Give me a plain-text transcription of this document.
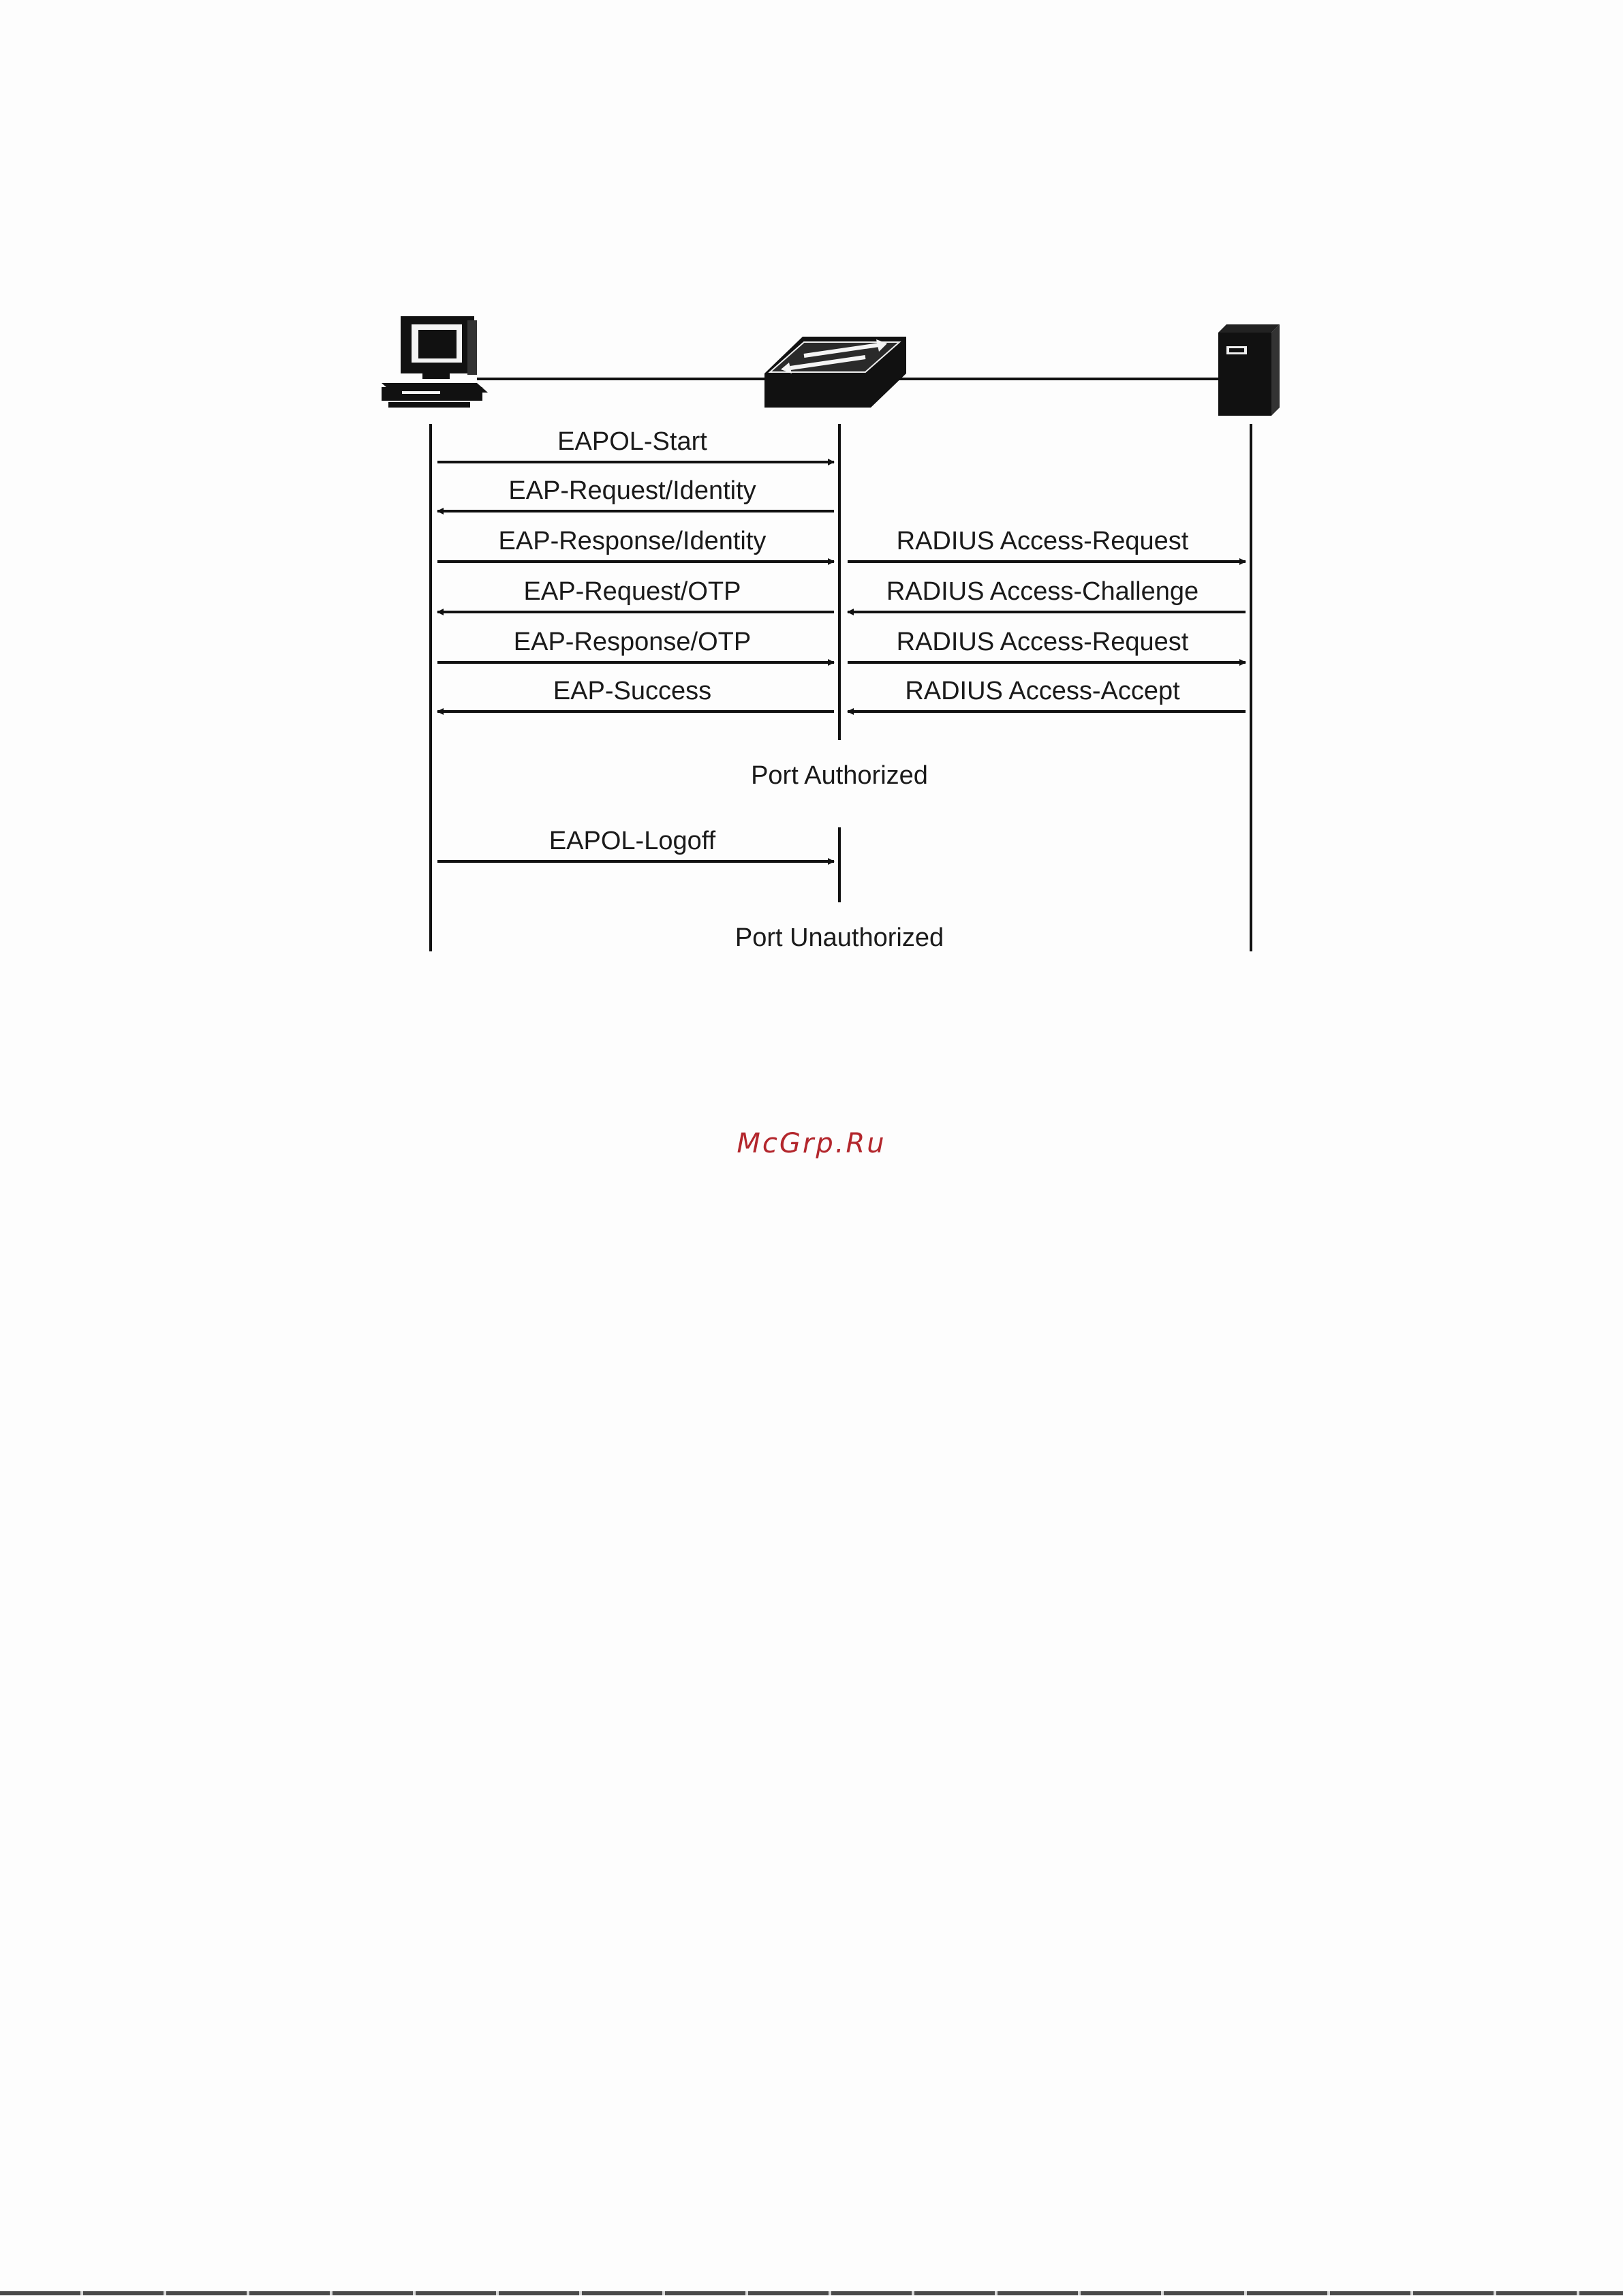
EAPOL-Start
EAP-Request/Identity
EAP-Response/Identity	RADIUS Access-Request
EAP-Request/OTP	RADIUS Access-Challenge
EAP-Response/OTP	RADIUS Access-Request
EAP-Success	RADIUS Access-Accept
EAPOL-Logoff
Port Authorized
Port Unauthorized
McGrp.Ru
